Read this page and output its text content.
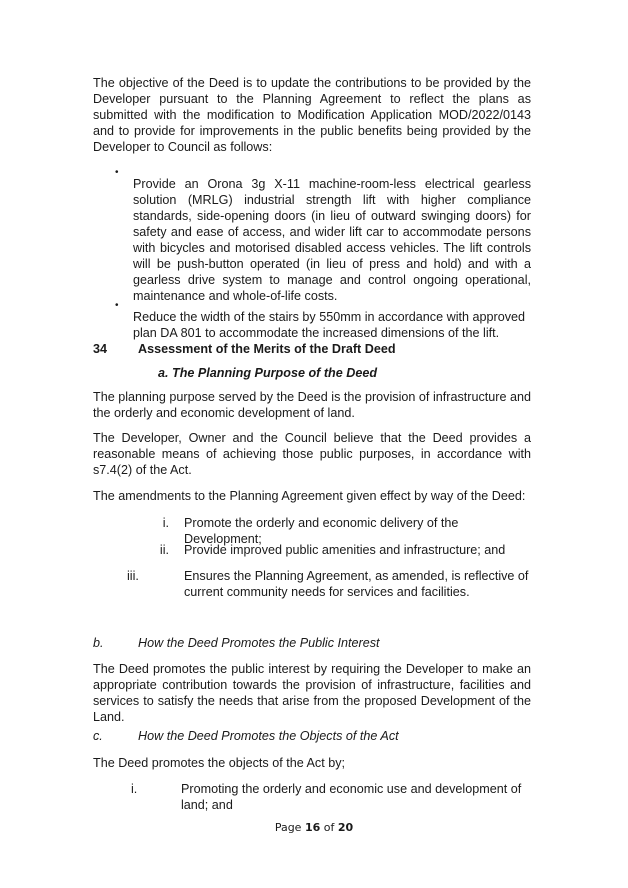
The objective of the Deed is to update the contributions to be provided by the Developer pursuant to the Planning Agreement to reflect the plans as submitted with the modification to Modification Application MOD/2022/0143 and to provide for improvements in the public benefits being provided by the Developer to Council as follows:

•

Provide an Orona 3g X-11 machine-room-less electrical gearless solution (MRLG) industrial strength lift with higher compliance standards, side-opening doors (in lieu of outward swinging doors) for safety and ease of access, and wider lift car to accommodate persons with bicycles and motorised disabled access vehicles. The lift controls will be push-button operated (in lieu of press and hold) and with a gearless drive system to manage and control ongoing operational, maintenance and whole-of-life costs.

•

Reduce the width of the stairs by 550mm in accordance with approved plan DA 801 to accommodate the increased dimensions of the lift.

34 Assessment of the Merits of the Draft Deed
a. The Planning Purpose of the Deed

The planning purpose served by the Deed is the provision of infrastructure and the orderly and economic development of land.

The Developer, Owner and the Council believe that the Deed provides a reasonable means of achieving those public purposes, in accordance with s7.4(2) of the Act.

The amendments to the Planning Agreement given effect by way of the Deed:

i. Promote the orderly and economic delivery of the Development;
ii. Provide improved public amenities and infrastructure; and
iii.	Ensures the Planning Agreement, as amended, is reflective of current community needs for services and facilities.
b.	How the Deed Promotes the Public Interest

The Deed promotes the public interest by requiring the Developer to make an appropriate contribution towards the provision of infrastructure, facilities and services to satisfy the needs that arise from the proposed Development of the Land.

c.	How the Deed Promotes the Objects of the Act

The Deed promotes the objects of the Act by;

i.	Promoting the orderly and economic use and development of land; and
Page 16 of 20
